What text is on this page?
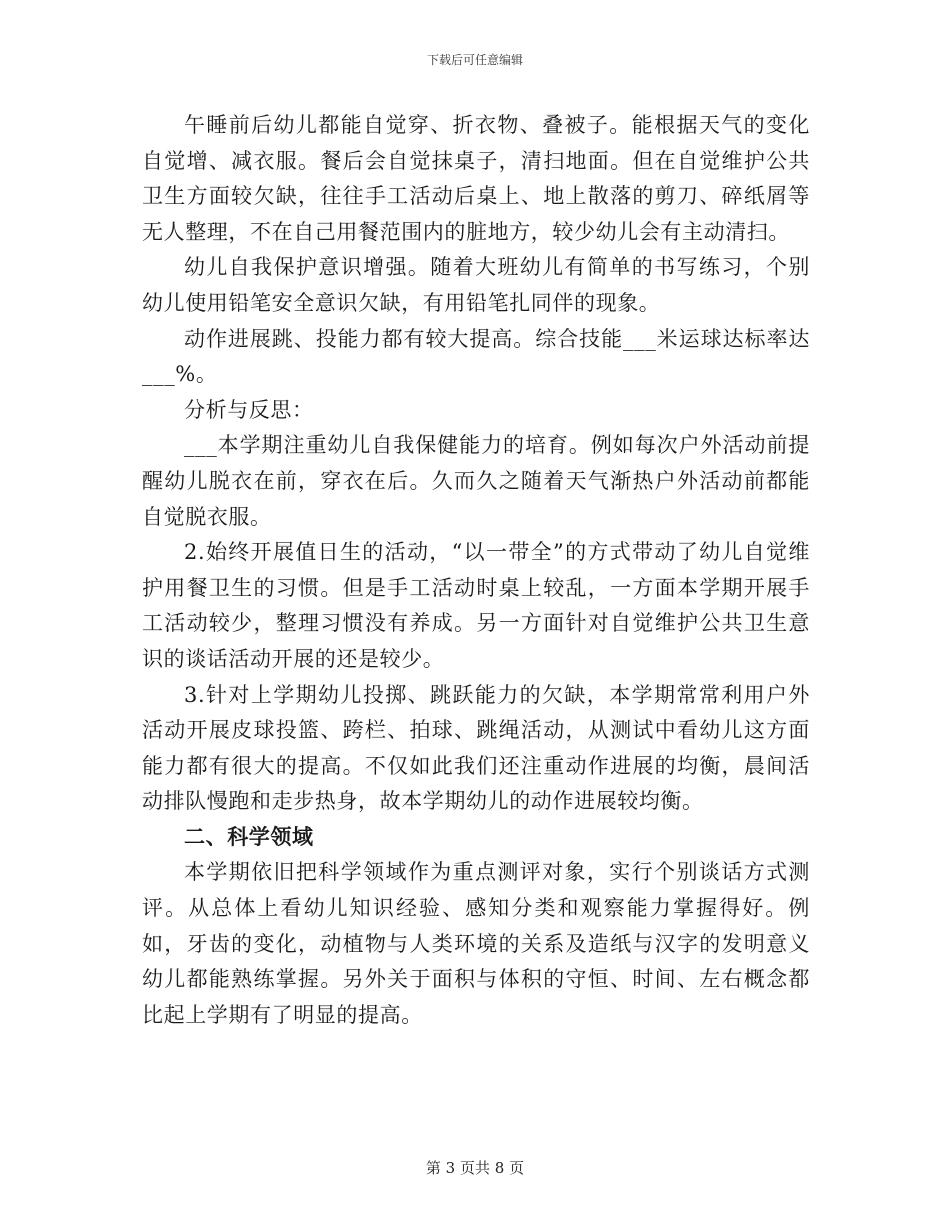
下载后可任意编辑

午睡前后幼儿都能自觉穿、折衣物、叠被子。能根据天气的变化自觉增、减衣服。餐后会自觉抹桌子，清扫地面。但在自觉维护公共卫生方面较欠缺，往往手工活动后桌上、地上散落的剪刀、碎纸屑等无人整理，不在自己用餐范围内的脏地方，较少幼儿会有主动清扫。

幼儿自我保护意识增强。随着大班幼儿有简单的书写练习，个别幼儿使用铅笔安全意识欠缺，有用铅笔扎同伴的现象。

动作进展跳、投能力都有较大提高。综合技能___米运球达标率达___%。

分析与反思：

___本学期注重幼儿自我保健能力的培育。例如每次户外活动前提醒幼儿脱衣在前，穿衣在后。久而久之随着天气渐热户外活动前都能自觉脱衣服。

2.始终开展值日生的活动，“以一带全”的方式带动了幼儿自觉维护用餐卫生的习惯。但是手工活动时桌上较乱，一方面本学期开展手工活动较少，整理习惯没有养成。另一方面针对自觉维护公共卫生意识的谈话活动开展的还是较少。

3.针对上学期幼儿投掷、跳跃能力的欠缺，本学期常常利用户外活动开展皮球投篮、跨栏、拍球、跳绳活动，从测试中看幼儿这方面能力都有很大的提高。不仅如此我们还注重动作进展的均衡，晨间活动排队慢跑和走步热身，故本学期幼儿的动作进展较均衡。

二、科学领域

本学期依旧把科学领域作为重点测评对象，实行个别谈话方式测评。从总体上看幼儿知识经验、感知分类和观察能力掌握得好。例如，牙齿的变化，动植物与人类环境的关系及造纸与汉字的发明意义幼儿都能熟练掌握。另外关于面积与体积的守恒、时间、左右概念都比起上学期有了明显的提高。

第 3 页共 8 页
